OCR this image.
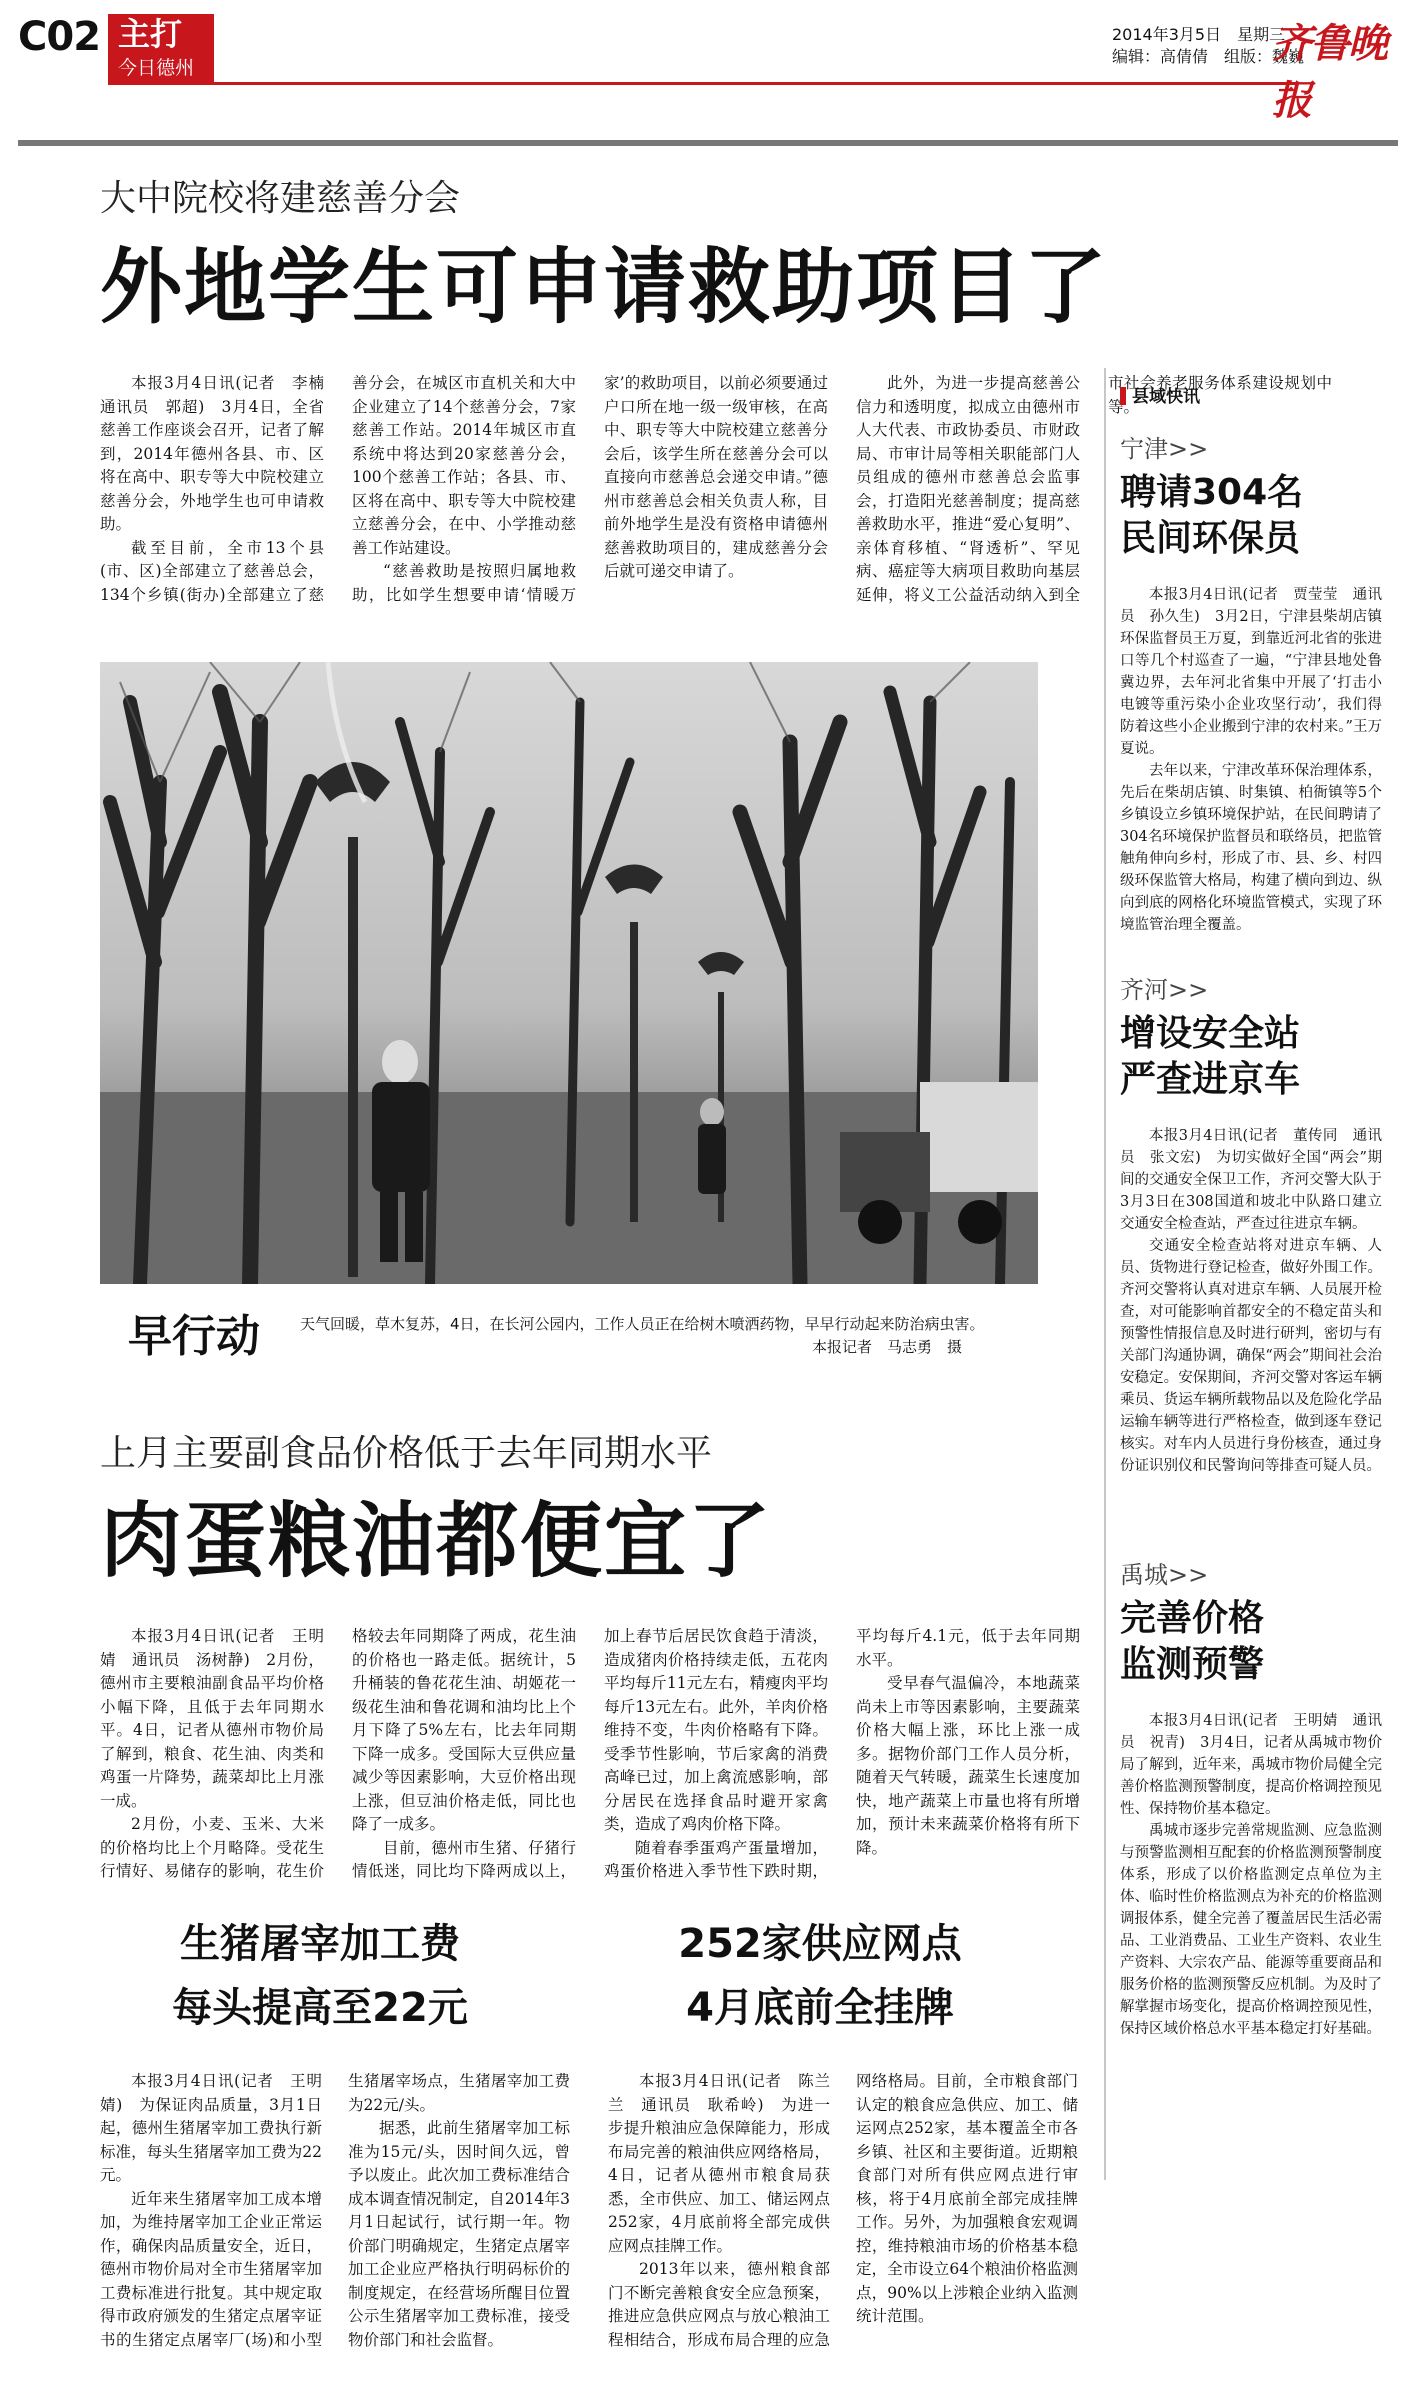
C02 主打
今日德州
2014年3月5日　星期三
编辑：高倩倩　组版：魏巍
齐鲁晚报
大中院校将建慈善分会
外地学生可申请救助项目了

本报3月4日讯(记者　李楠　通讯员　郭超)　3月4日，全省慈善工作座谈会召开，记者了解到，2014年德州各县、市、区将在高中、职专等大中院校建立慈善分会，外地学生也可申请救助。

截至目前，全市13个县(市、区)全部建立了慈善总会，134个乡镇(街办)全部建立了慈善分会，在城区市直机关和大中企业建立了14个慈善分会，7家慈善工作站。2014年城区市直系统中将达到20家慈善分会，100个慈善工作站；各县、市、区将在高中、职专等大中院校建立慈善分会，在中、小学推动慈善工作站建设。

“慈善救助是按照归属地救助，比如学生想要申请‘情暖万家’的救助项目，以前必须要通过户口所在地一级一级审核，在高中、职专等大中院校建立慈善分会后，该学生所在慈善分会可以直接向市慈善总会递交申请。”德州市慈善总会相关负责人称，目前外地学生是没有资格申请德州慈善救助项目的，建成慈善分会后就可递交申请了。

此外，为进一步提高慈善公信力和透明度，拟成立由德州市人大代表、市政协委员、市财政局、市审计局等相关职能部门人员组成的德州市慈善总会监事会，打造阳光慈善制度；提高慈善救助水平，推进“爱心复明”、亲体育移植、“肾透析”、罕见病、癌症等大病项目救助向基层延伸，将义工公益活动纳入到全市社会养老服务体系建设规划中等。

早行动	天气回暖，草木复苏，4日，在长河公园内，工作人员正在给树木喷洒药物，早早行动起来防治病虫害。
本报记者　马志勇　摄
上月主要副食品价格低于去年同期水平
肉蛋粮油都便宜了

本报3月4日讯(记者　王明婧　通讯员　汤树静)　2月份，德州市主要粮油副食品平均价格小幅下降，且低于去年同期水平。4日，记者从德州市物价局了解到，粮食、花生油、肉类和鸡蛋一片降势，蔬菜却比上月涨一成。

2月份，小麦、玉米、大米的价格均比上个月略降。受花生行情好、易储存的影响，花生价格较去年同期降了两成，花生油的价格也一路走低。据统计，5升桶装的鲁花花生油、胡姬花一级花生油和鲁花调和油均比上个月下降了5%左右，比去年同期下降一成多。受国际大豆供应量减少等因素影响，大豆价格出现上涨，但豆油价格走低，同比也降了一成多。

目前，德州市生猪、仔猪行情低迷，同比均下降两成以上，加上春节后居民饮食趋于清淡，造成猪肉价格持续走低，五花肉平均每斤11元左右，精瘦肉平均每斤13元左右。此外，羊肉价格维持不变，牛肉价格略有下降。受季节性影响，节后家禽的消费高峰已过，加上禽流感影响，部分居民在选择食品时避开家禽类，造成了鸡肉价格下降。

随着春季蛋鸡产蛋量增加，鸡蛋价格进入季节性下跌时期，平均每斤4.1元，低于去年同期水平。

受早春气温偏冷，本地蔬菜尚未上市等因素影响，主要蔬菜价格大幅上涨，环比上涨一成多。据物价部门工作人员分析，随着天气转暖，蔬菜生长速度加快，地产蔬菜上市量也将有所增加，预计未来蔬菜价格将有所下降。

生猪屠宰加工费
每头提高至22元

本报3月4日讯(记者　王明婧)　为保证肉品质量，3月1日起，德州生猪屠宰加工费执行新标准，每头生猪屠宰加工费为22元。

近年来生猪屠宰加工成本增加，为维持屠宰加工企业正常运作，确保肉品质量安全，近日，德州市物价局对全市生猪屠宰加工费标准进行批复。其中规定取得市政府颁发的生猪定点屠宰证书的生猪定点屠宰厂(场)和小型生猪屠宰场点，生猪屠宰加工费为22元/头。

据悉，此前生猪屠宰加工标准为15元/头，因时间久远，曾予以废止。此次加工费标准结合成本调查情况制定，自2014年3月1日起试行，试行期一年。物价部门明确规定，生猪定点屠宰加工企业应严格执行明码标价的制度规定，在经营场所醒目位置公示生猪屠宰加工费标准，接受物价部门和社会监督。

252家供应网点
4月底前全挂牌

本报3月4日讯(记者　陈兰兰　通讯员　耿希岭)　为进一步提升粮油应急保障能力，形成布局完善的粮油供应网络格局，4日，记者从德州市粮食局获悉，全市供应、加工、储运网点252家，4月底前将全部完成供应网点挂牌工作。

2013年以来，德州粮食部门不断完善粮食安全应急预案，推进应急供应网点与放心粮油工程相结合，形成布局合理的应急网络格局。目前，全市粮食部门认定的粮食应急供应、加工、储运网点252家，基本覆盖全市各乡镇、社区和主要街道。近期粮食部门对所有供应网点进行审核，将于4月底前全部完成挂牌工作。另外，为加强粮食宏观调控，维持粮油市场的价格基本稳定，全市设立64个粮油价格监测点，90%以上涉粮企业纳入监测统计范围。

县域快讯
宁津>>
聘请304名
民间环保员

本报3月4日讯(记者　贾莹莹　通讯员　孙久生)　3月2日，宁津县柴胡店镇环保监督员王万夏，到靠近河北省的张进口等几个村巡查了一遍，“宁津县地处鲁冀边界，去年河北省集中开展了‘打击小电镀等重污染小企业攻坚行动’，我们得防着这些小企业搬到宁津的农村来。”王万夏说。

去年以来，宁津改革环保治理体系，先后在柴胡店镇、时集镇、柏衙镇等5个乡镇设立乡镇环境保护站，在民间聘请了304名环境保护监督员和联络员，把监管触角伸向乡村，形成了市、县、乡、村四级环保监管大格局，构建了横向到边、纵向到底的网格化环境监管模式，实现了环境监管治理全覆盖。

齐河>>
增设安全站
严查进京车

本报3月4日讯(记者　董传同　通讯员　张文宏)　为切实做好全国“两会”期间的交通安全保卫工作，齐河交警大队于3月3日在308国道和坡北中队路口建立交通安全检查站，严查过往进京车辆。

交通安全检查站将对进京车辆、人员、货物进行登记检查，做好外围工作。齐河交警将认真对进京车辆、人员展开检查，对可能影响首都安全的不稳定苗头和预警性情报信息及时进行研判，密切与有关部门沟通协调，确保“两会”期间社会治安稳定。安保期间，齐河交警对客运车辆乘员、货运车辆所载物品以及危险化学品运输车辆等进行严格检查，做到逐车登记核实。对车内人员进行身份核查，通过身份证识别仪和民警询问等排查可疑人员。

禹城>>
完善价格
监测预警

本报3月4日讯(记者　王明婧　通讯员　祝青)　3月4日，记者从禹城市物价局了解到，近年来，禹城市物价局健全完善价格监测预警制度，提高价格调控预见性、保持物价基本稳定。

禹城市逐步完善常规监测、应急监测与预警监测相互配套的价格监测预警制度体系，形成了以价格监测定点单位为主体、临时性价格监测点为补充的价格监测调报体系，健全完善了覆盖居民生活必需品、工业消费品、工业生产资料、农业生产资料、大宗农产品、能源等重要商品和服务价格的监测预警反应机制。为及时了解掌握市场变化，提高价格调控预见性，保持区域价格总水平基本稳定打好基础。
